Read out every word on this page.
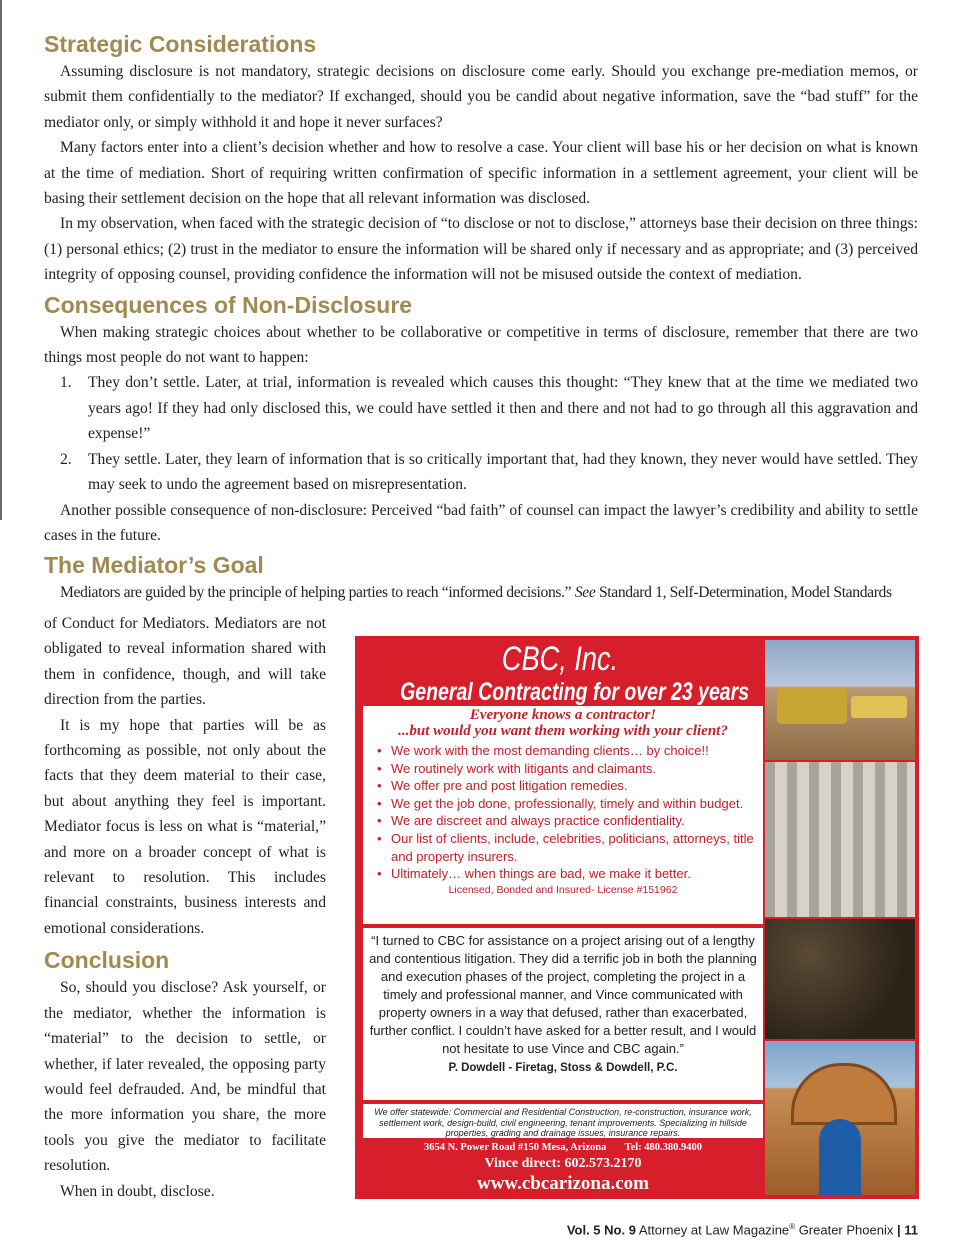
Strategic Considerations

Assuming disclosure is not mandatory, strategic decisions on disclosure come early. Should you exchange pre-mediation memos, or submit them confidentially to the mediator? If exchanged, should you be candid about negative information, save the “bad stuff” for the mediator only, or simply withhold it and hope it never surfaces?

Many factors enter into a client’s decision whether and how to resolve a case. Your client will base his or her decision on what is known at the time of mediation. Short of requiring written confirmation of specific information in a settlement agreement, your client will be basing their settlement decision on the hope that all relevant information was disclosed.

In my observation, when faced with the strategic decision of “to disclose or not to disclose,” attorneys base their decision on three things: (1) personal ethics; (2) trust in the mediator to ensure the information will be shared only if necessary and as appropriate; and (3) perceived integrity of opposing counsel, providing confidence the information will not be misused outside the context of mediation.

Consequences of Non-Disclosure

When making strategic choices about whether to be collaborative or competitive in terms of disclosure, remember that there are two things most people do not want to happen:

1. They don’t settle. Later, at trial, information is revealed which causes this thought: “They knew that at the time we mediated two years ago! If they had only disclosed this, we could have settled it then and there and not had to go through all this aggravation and expense!”
2. They settle. Later, they learn of information that is so critically important that, had they known, they never would have settled. They may seek to undo the agreement based on misrepresentation.

Another possible consequence of non-disclosure: Perceived “bad faith” of counsel can impact the lawyer’s credibility and ability to settle cases in the future.

The Mediator’s Goal

Mediators are guided by the principle of helping parties to reach “informed decisions.” See Standard 1, Self-Determination, Model Standards

of Conduct for Mediators. Mediators are not obligated to reveal information shared with them in confidence, though, and will take direction from the parties.

It is my hope that parties will be as forthcoming as possible, not only about the facts that they deem material to their case, but about anything they feel is important. Mediator focus is less on what is “material,” and more on a broader concept of what is relevant to resolution. This includes financial constraints, business interests and emotional considerations.

Conclusion

So, should you disclose? Ask yourself, or the mediator, whether the information is “material” to the decision to settle, or whether, if later revealed, the opposing party would feel defrauded. And, be mindful that the more information you share, the more tools you give the mediator to facilitate resolution.

When in doubt, disclose.

CBC, Inc.
General Contracting for over 23 years
Everyone knows a contractor!
...but would you want them working with your client?
• We work with the most demanding clients… by choice!!
• We routinely work with litigants and claimants.
• We offer pre and post litigation remedies.
• We get the job done, professionally, timely and within budget.
• We are discreet and always practice confidentiality.
• Our list of clients, include, celebrities, politicians, attorneys, title and property insurers.
• Ultimately… when things are bad, we make it better.
Licensed, Bonded and Insured- License #151962

“I turned to CBC for assistance on a project arising out of a lengthy and contentious litigation. They did a terrific job in both the planning and execution phases of the project, completing the project in a timely and professional manner, and Vince communicated with property owners in a way that defused, rather than exacerbated, further conflict. I couldn’t have asked for a better result, and I would not hesitate to use Vince and CBC again.”

P. Dowdell - Firetag, Stoss & Dowdell, P.C.

We offer statewide: Commercial and Residential Construction, re-construction, insurance work, settlement work, design-build, civil engineering, tenant improvements. Specializing in hillside properties, grading and drainage issues, insurance repairs.

3654 N. Power Road #150 Mesa, Arizona       Tel: 480.380.9400
Vince direct: 602.573.2170
www.cbcarizona.com
Vol. 5 No. 9 Attorney at Law Magazine® Greater Phoenix | 11
